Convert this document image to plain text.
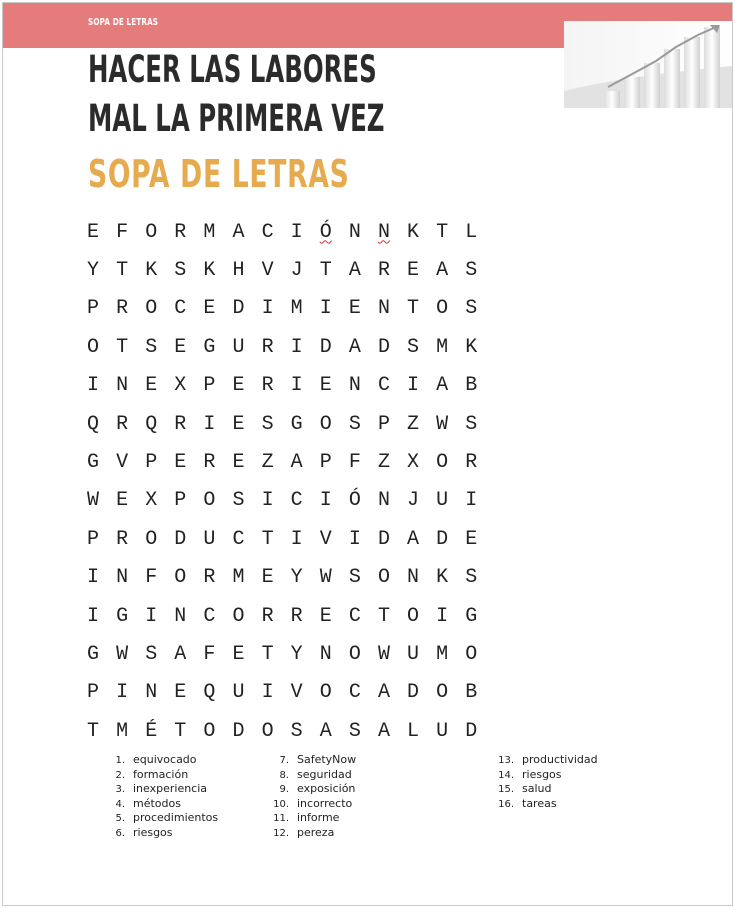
SOPA DE LETRAS
HACER LAS LABORES
MAL LA PRIMERA VEZ
SOPA DE LETRAS
E F O R M A C I Ó N N K T L
Y T K S K H V J T A R E A S
P R O C E D I M I E N T O S
O T S E G U R I D A D S M K
I N E X P E R I E N C I A B
Q R Q R I E S G O S P Z W S
G V P E R E Z A P F Z X O R
W E X P O S I C I Ó N J U I
P R O D U C T I V I D A D E
I N F O R M E Y W S O N K S
I G I N C O R R E C T O I G
G W S A F E T Y N O W U M O
P I N E Q U I V O C A D O B
T M É T O D O S A S A L U D
1. equivocado
2. formación
3. inexperiencia
4. métodos
5. procedimientos
6. riesgos
7. SafetyNow
8. seguridad
9. exposición
10. incorrecto
11. informe
12. pereza
13. productividad
14. riesgos
15. salud
16. tareas
